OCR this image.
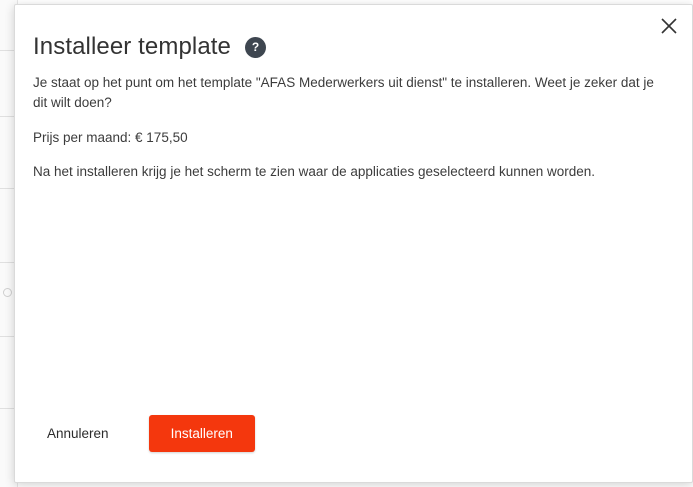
Installeer template	?

Je staat op het punt om het template "AFAS Mederwerkers uit dienst" te installeren. Weet je zeker dat je dit wilt doen?

Prijs per maand: € 175,50

Na het installeren krijg je het scherm te zien waar de applicaties geselecteerd kunnen worden.

Annuleren	Installeren
